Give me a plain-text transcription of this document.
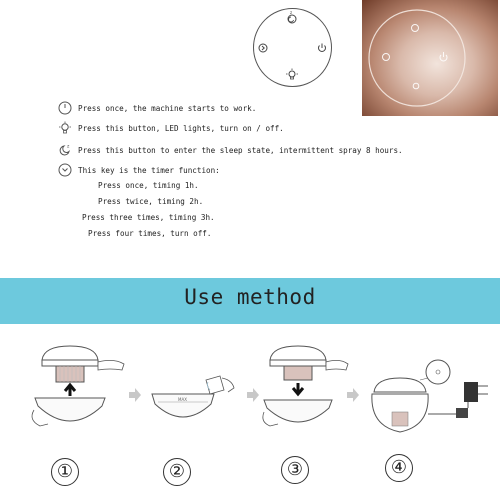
z
Press once, the machine starts to work.
Press this button, LED lights, turn on / off.
z Press this button to enter the sleep state, intermittent spray 8 hours.
This key is the timer function:
Press once, timing 1h.
Press twice, timing 2h.
Press three times, timing 3h.
Press four times, turn off.
Use method
MAX
①	②	③	④
